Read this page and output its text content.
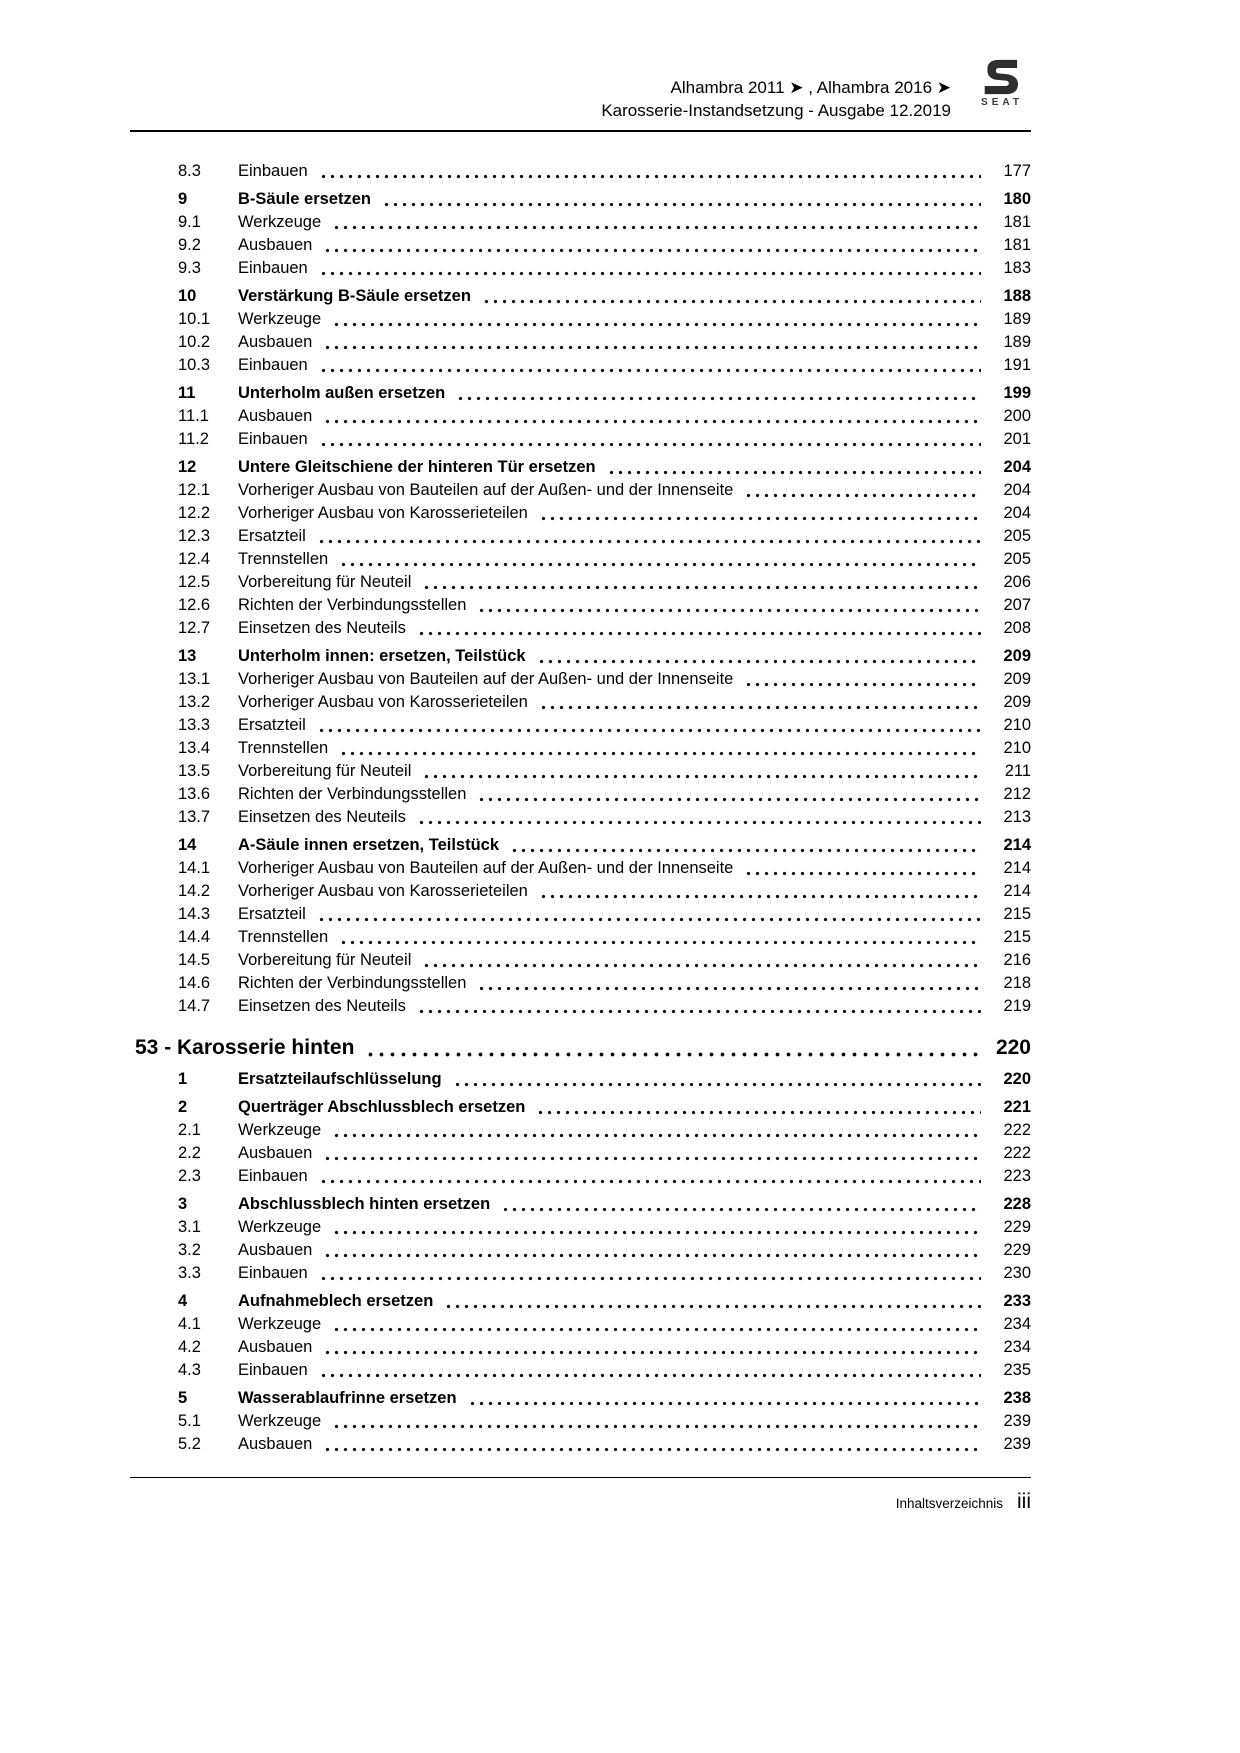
Alhambra 2011 ➤ , Alhambra 2016 ➤
Karosserie-Instandsetzung - Ausgabe 12.2019	SEAT
8.3	Einbauen	177
9	B-Säule ersetzen	180
9.1	Werkzeuge	181
9.2	Ausbauen	181
9.3	Einbauen	183
10	Verstärkung B-Säule ersetzen	188
10.1	Werkzeuge	189
10.2	Ausbauen	189
10.3	Einbauen	191
11	Unterholm außen ersetzen	199
11.1	Ausbauen	200
11.2	Einbauen	201
12	Untere Gleitschiene der hinteren Tür ersetzen	204
12.1	Vorheriger Ausbau von Bauteilen auf der Außen- und der Innenseite	204
12.2	Vorheriger Ausbau von Karosserieteilen	204
12.3	Ersatzteil	205
12.4	Trennstellen	205
12.5	Vorbereitung für Neuteil	206
12.6	Richten der Verbindungsstellen	207
12.7	Einsetzen des Neuteils	208
13	Unterholm innen: ersetzen, Teilstück	209
13.1	Vorheriger Ausbau von Bauteilen auf der Außen- und der Innenseite	209
13.2	Vorheriger Ausbau von Karosserieteilen	209
13.3	Ersatzteil	210
13.4	Trennstellen	210
13.5	Vorbereitung für Neuteil	211
13.6	Richten der Verbindungsstellen	212
13.7	Einsetzen des Neuteils	213
14	A-Säule innen ersetzen, Teilstück	214
14.1	Vorheriger Ausbau von Bauteilen auf der Außen- und der Innenseite	214
14.2	Vorheriger Ausbau von Karosserieteilen	214
14.3	Ersatzteil	215
14.4	Trennstellen	215
14.5	Vorbereitung für Neuteil	216
14.6	Richten der Verbindungsstellen	218
14.7	Einsetzen des Neuteils	219
53 - Karosserie hinten	220
1	Ersatzteilaufschlüsselung	220
2	Querträger Abschlussblech ersetzen	221
2.1	Werkzeuge	222
2.2	Ausbauen	222
2.3	Einbauen	223
3	Abschlussblech hinten ersetzen	228
3.1	Werkzeuge	229
3.2	Ausbauen	229
3.3	Einbauen	230
4	Aufnahmeblech ersetzen	233
4.1	Werkzeuge	234
4.2	Ausbauen	234
4.3	Einbauen	235
5	Wasserablaufrinne ersetzen	238
5.1	Werkzeuge	239
5.2	Ausbauen	239
Inhaltsverzeichnis iii
